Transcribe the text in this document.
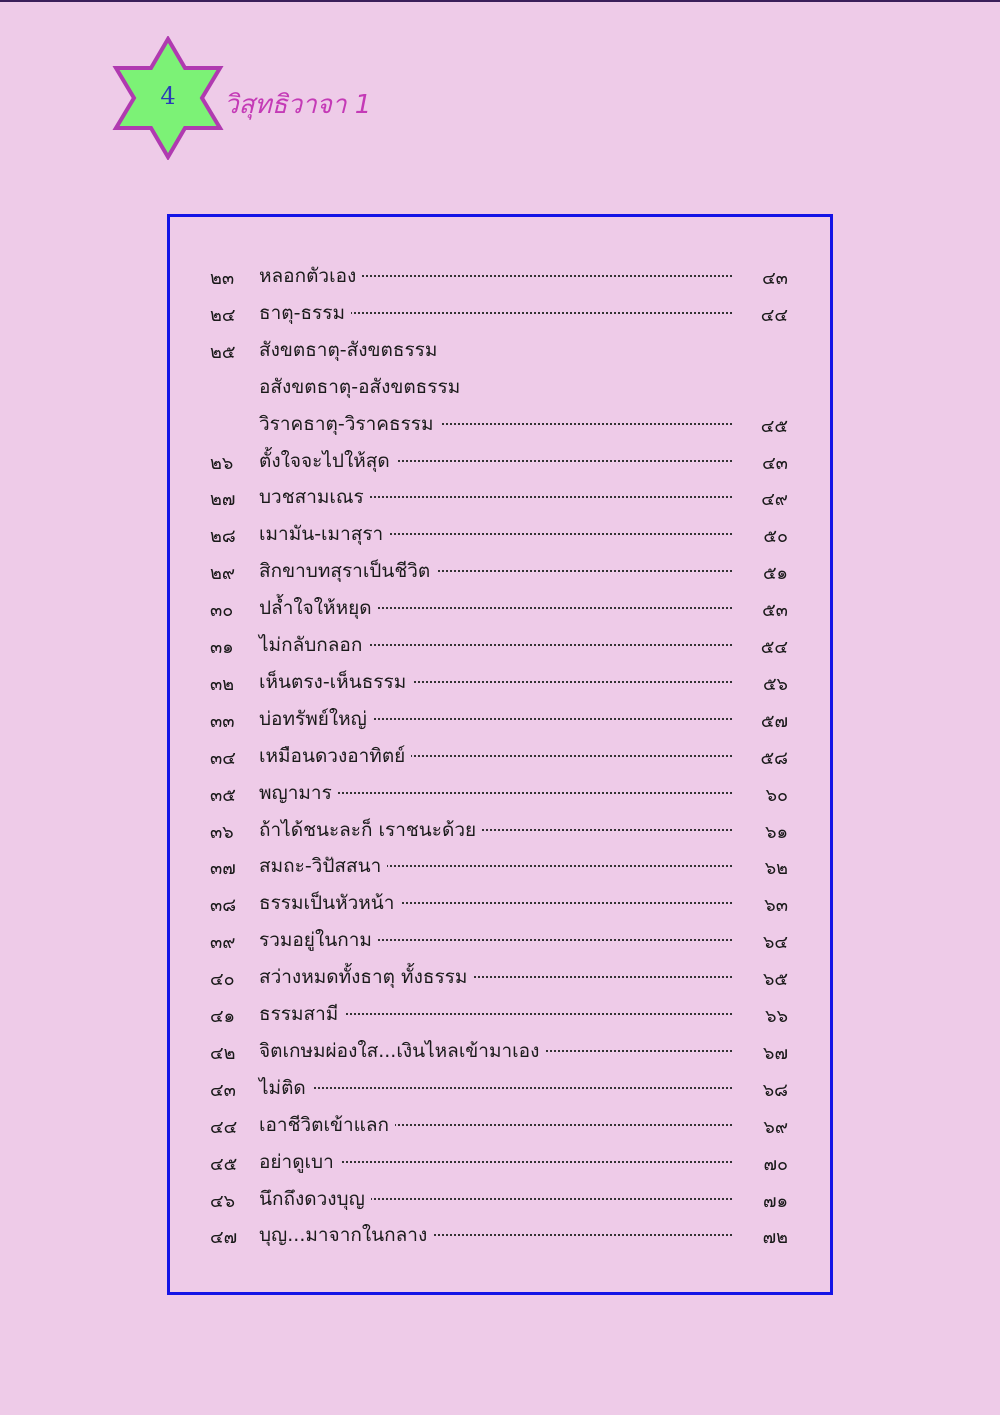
4	วิสุทธิวาจา 1
๒๓	หลอกตัวเอง	๔๓
๒๔	ธาตุ-ธรรม	๔๔
๒๕	สังขตธาตุ-สังขตธรรม
อสังขตธาตุ-อสังขตธรรม
วิราคธาตุ-วิราคธรรม	๔๕
๒๖	ตั้งใจจะไปให้สุด	๔๓
๒๗	บวชสามเณร	๔๙
๒๘	เมามัน-เมาสุรา	๕๐
๒๙	สิกขาบทสุราเป็นชีวิต	๕๑
๓๐	ปล้ำใจให้หยุด	๕๓
๓๑	ไม่กลับกลอก	๕๔
๓๒	เห็นตรง-เห็นธรรม	๕๖
๓๓	บ่อทรัพย์ใหญ่	๕๗
๓๔	เหมือนดวงอาทิตย์	๕๘
๓๕	พญามาร	๖๐
๓๖	ถ้าได้ชนะละก็ เราชนะด้วย	๖๑
๓๗	สมถะ-วิปัสสนา	๖๒
๓๘	ธรรมเป็นหัวหน้า	๖๓
๓๙	รวมอยู่ในกาม	๖๔
๔๐	สว่างหมดทั้งธาตุ ทั้งธรรม	๖๕
๔๑	ธรรมสามี	๖๖
๔๒	จิตเกษมผ่องใส...เงินไหลเข้ามาเอง	๖๗
๔๓	ไม่ติด	๖๘
๔๔	เอาชีวิตเข้าแลก	๖๙
๔๕	อย่าดูเบา	๗๐
๔๖	นึกถึงดวงบุญ	๗๑
๔๗	บุญ...มาจากในกลาง	๗๒
